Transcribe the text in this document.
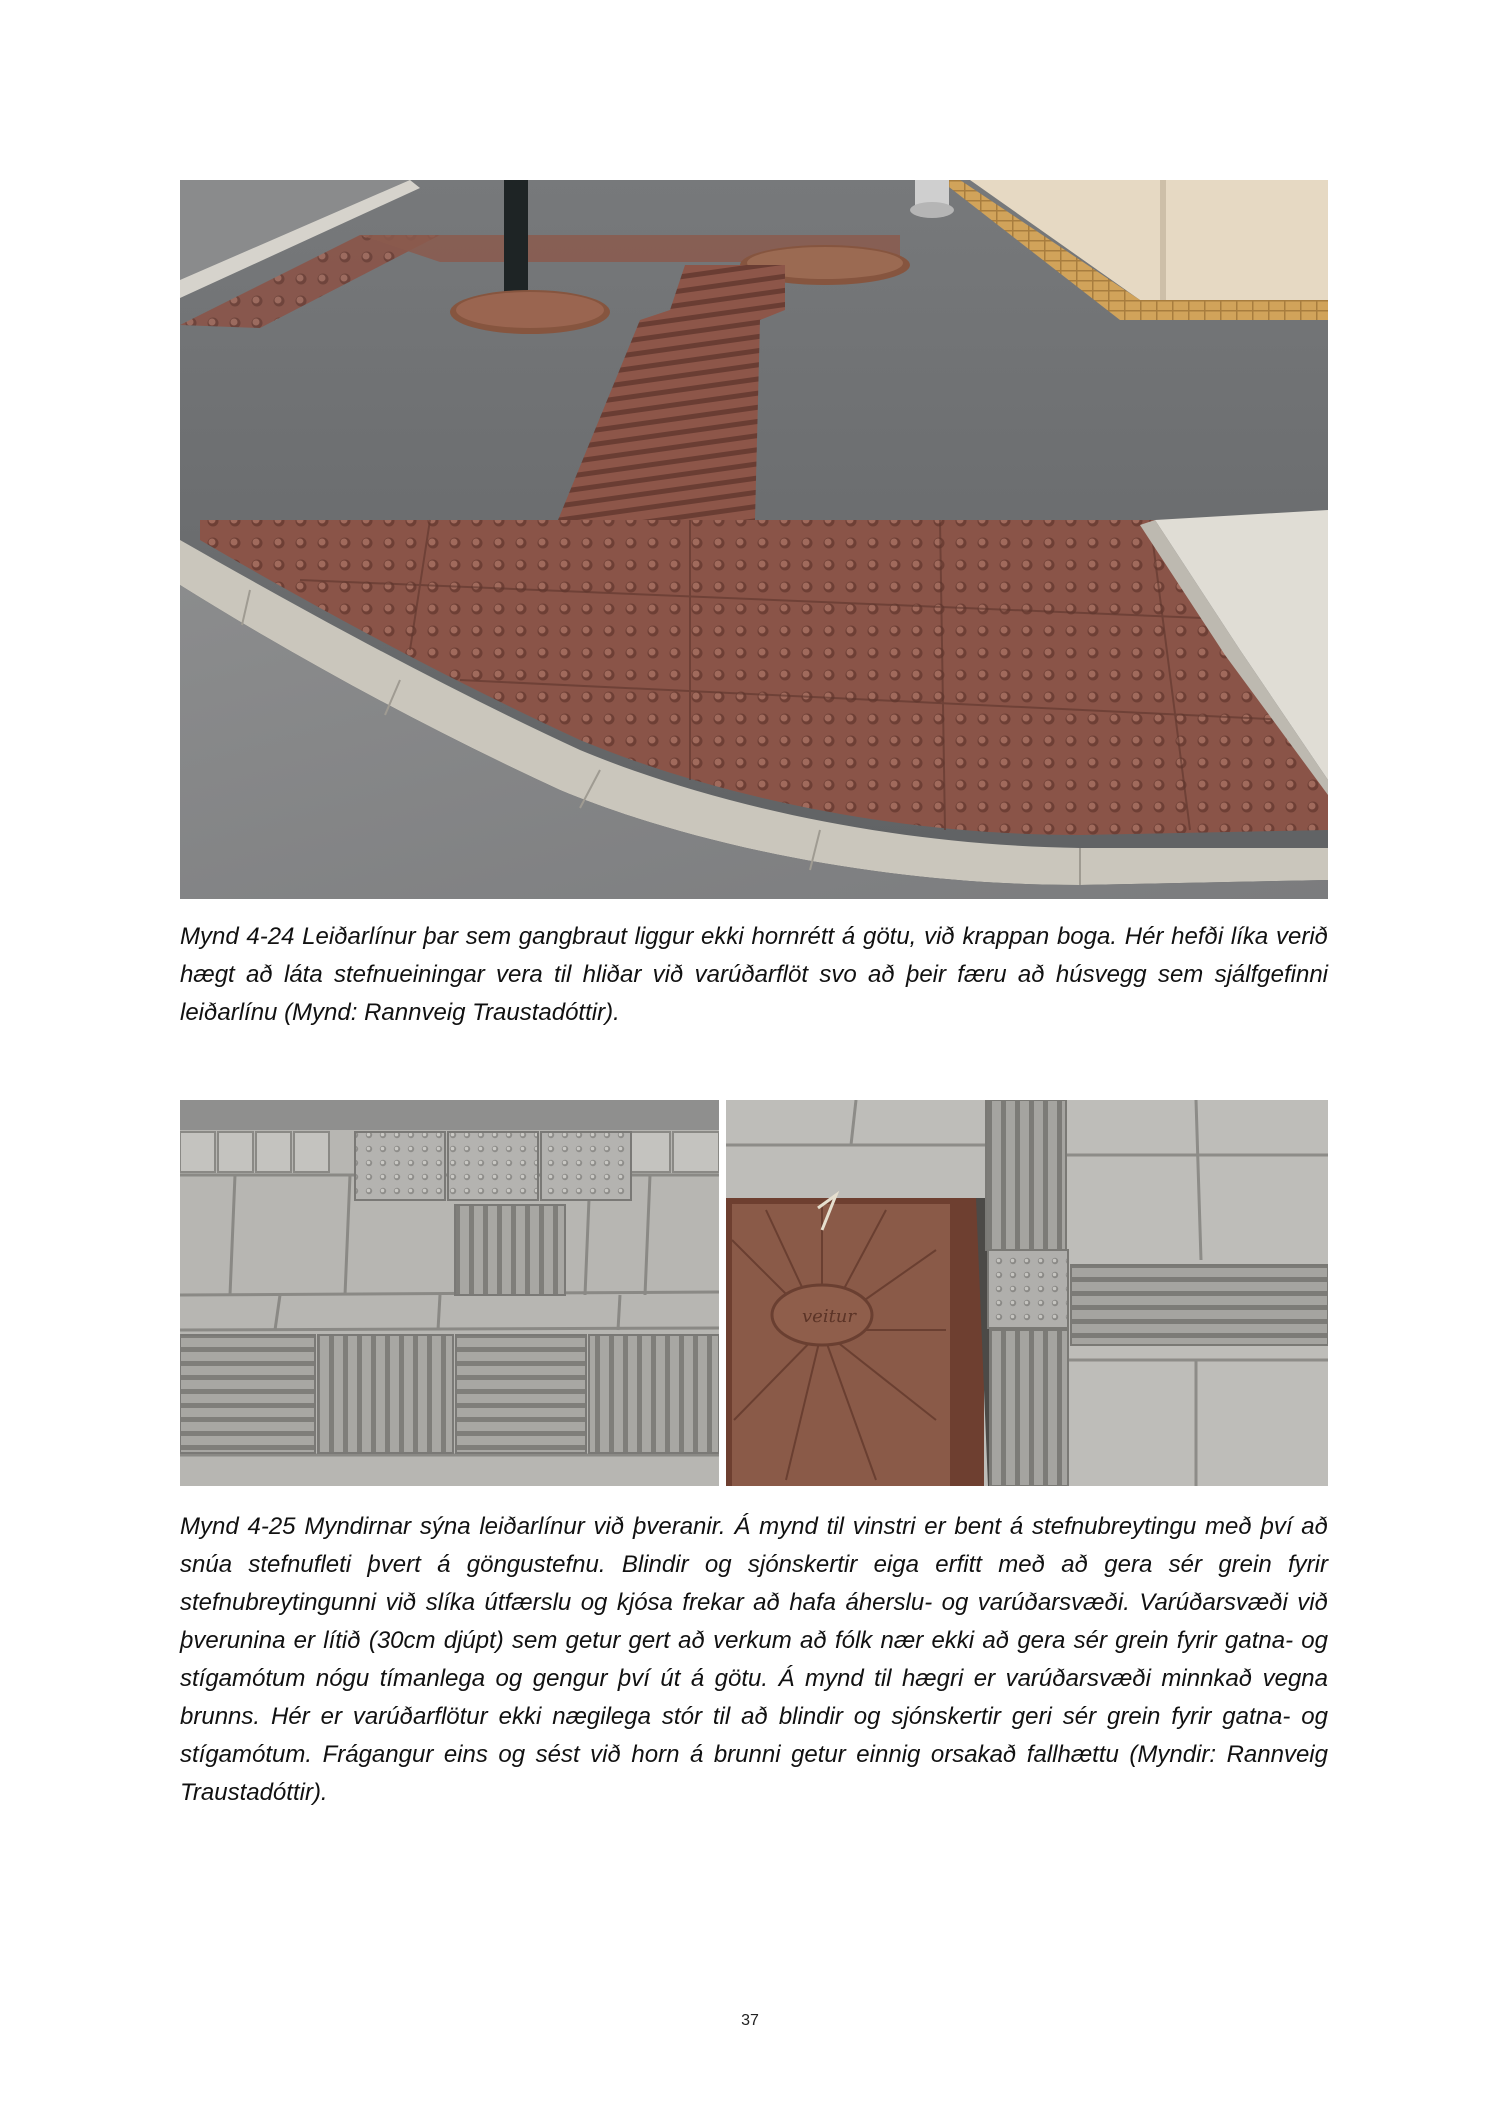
Mynd 4-24 Leiðarlínur þar sem gangbraut liggur ekki hornrétt á götu, við krappan boga. Hér hefði líka verið hægt að láta stefnueiningar vera til hliðar við varúðarflöt svo að þeir færu að húsvegg sem sjálfgefinni leiðarlínu (Mynd: Rannveig Traustadóttir).

veitur

Mynd 4-25 Myndirnar sýna leiðarlínur við þveranir. Á mynd til vinstri er bent á stefnubreytingu með því að snúa stefnufleti þvert á göngustefnu. Blindir og sjónskertir eiga erfitt með að gera sér grein fyrir stefnubreytingunni við slíka útfærslu og kjósa frekar að hafa áherslu- og varúðarsvæði. Varúðarsvæði við þverunina er lítið (30cm djúpt) sem getur gert að verkum að fólk nær ekki að gera sér grein fyrir gatna- og stígamótum nógu tímanlega og gengur því út á götu. Á mynd til hægri er varúðarsvæði minnkað vegna brunns. Hér er varúðarflötur ekki nægilega stór til að blindir og sjónskertir geri sér grein fyrir gatna- og stígamótum. Frágangur eins og sést við horn á brunni getur einnig orsakað fallhættu (Myndir: Rannveig Traustadóttir).

37
